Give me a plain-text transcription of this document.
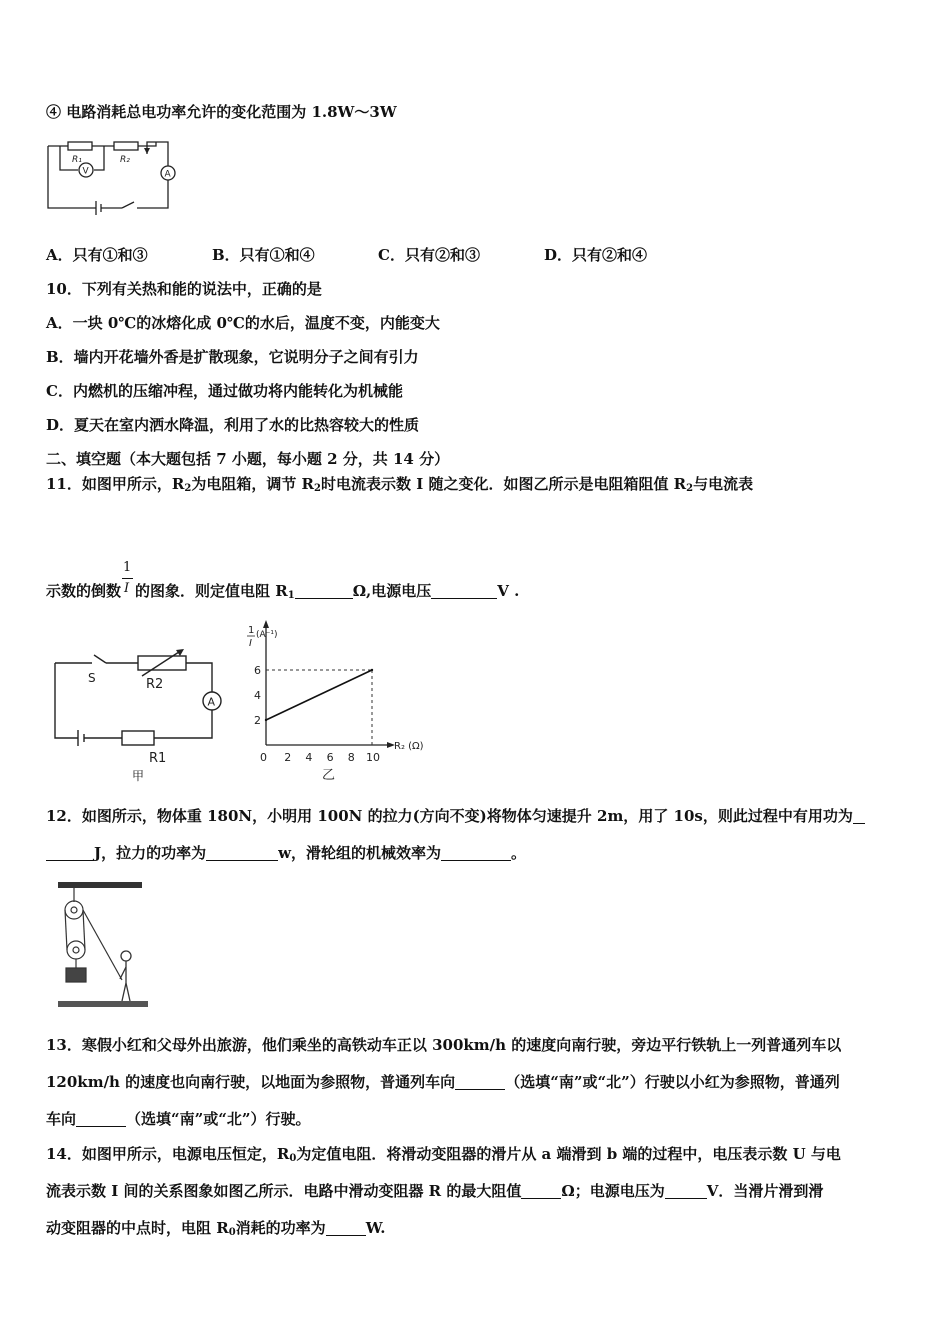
④ 电路消耗总电功率允许的变化范围为 1.8W～3W
R₁	R₂
V	A
A．只有①和③	B．只有①和④	C．只有②和③	D．只有②和④
10．下列有关热和能的说法中，正确的是
A．一块 0℃的冰熔化成 0℃的水后，温度不变，内能变大
B．墙内开花墙外香是扩散现象，它说明分子之间有引力
C．内燃机的压缩冲程，通过做功将内能转化为机械能
D．夏天在室内洒水降温，利用了水的比热容较大的性质
二、填空题（本大题包括 7 小题，每小题 2 分，共 14 分）
11．如图甲所示，$R_2$为电阻箱，调节 $R_2$时电流表示数 I 随之变化．如图乙所示是电阻箱阻值 $R_2$与电流表
示数的倒数 $\frac{1}{I}$ 的图象．则定值电阻 $R_1$	Ω,电源电压	V .
S	R2
R1
A
甲
1
I
(A⁻¹)
R₂ (Ω)
0 2 4 6 8 10
2
4
6
乙
12．如图所示，物体重 180N，小明用 100N 的拉力(方向不变)将物体匀速提升 2m，用了 10s，则此过程中有用功为
J，拉力的功率为	w，滑轮组的机械效率为	。
13．寒假小红和父母外出旅游，他们乘坐的高铁动车正以 300km/h 的速度向南行驶，旁边平行铁轨上一列普通列车以
120km/h 的速度也向南行驶，以地面为参照物，普通列车向	（选填“南”或“北”）行驶以小红为参照物，普通列
车向	（选填“南”或“北”）行驶。
14．如图甲所示，电源电压恒定，$R_0$为定值电阻．将滑动变阻器的滑片从 a 端滑到 b 端的过程中，电压表示数 U 与电
流表示数 I 间的关系图象如图乙所示．电路中滑动变阻器 R 的最大阻值	Ω；电源电压为	V．当滑片滑到滑
动变阻器的中点时，电阻 $R_0$消耗的功率为	W.
